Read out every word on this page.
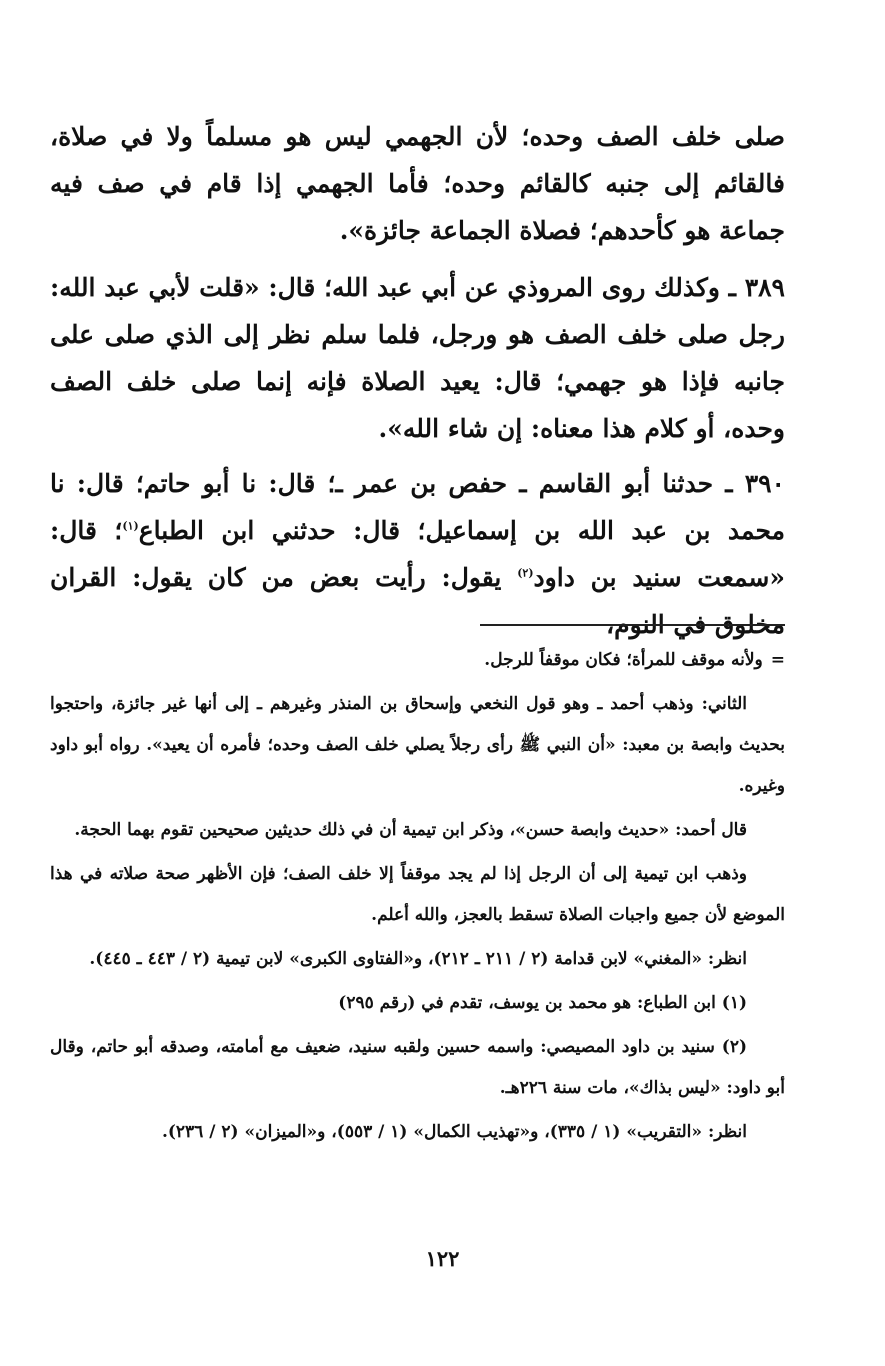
صلى خلف الصف وحده؛ لأن الجهمي ليس هو مسلماً ولا في صلاة، فالقائم إلى جنبه كالقائم وحده؛ فأما الجهمي إذا قام في صف فيه جماعة هو كأحدهم؛ فصلاة الجماعة جائزة».

٣٨٩ ـ وكذلك روى المروذي عن أبي عبد الله؛ قال: «قلت لأبي عبد الله: رجل صلى خلف الصف هو ورجل، فلما سلم نظر إلى الذي صلى على جانبه فإذا هو جهمي؛ قال: يعيد الصلاة فإنه إنما صلى خلف الصف وحده، أو كلام هذا معناه: إن شاء الله».

٣٩٠ ـ حدثنا أبو القاسم ـ حفص بن عمر ـ؛ قال: نا أبو حاتم؛ قال: نا محمد بن عبد الله بن إسماعيل؛ قال: حدثني ابن الطباع$^{(١)}$؛ قال: «سمعت سنيد بن داود$^{(٢)}$ يقول: رأيت بعض من كان يقول: القران مخلوق في النوم،

=ولأنه موقف للمرأة؛ فكان موقفاً للرجل.

الثاني: وذهب أحمد ـ وهو قول النخعي وإسحاق بن المنذر وغيرهم ـ إلى أنها غير جائزة، واحتجوا بحديث وابصة بن معبد: «أن النبي ﷺ رأى رجلاً يصلي خلف الصف وحده؛ فأمره أن يعيد». رواه أبو داود وغيره.

قال أحمد: «حديث وابصة حسن»، وذكر ابن تيمية أن في ذلك حديثين صحيحين تقوم بهما الحجة.

وذهب ابن تيمية إلى أن الرجل إذا لم يجد موقفاً إلا خلف الصف؛ فإن الأظهر صحة صلاته في هذا الموضع لأن جميع واجبات الصلاة تسقط بالعجز، والله أعلم.

انظر: «المغني» لابن قدامة (٢ / ٢١١ ـ ٢١٢)، و«الفتاوى الكبرى» لابن تيمية (٢ / ٤٤٣ ـ ٤٤٥).

(١) ابن الطباع: هو محمد بن يوسف، تقدم في (رقم ٢٩٥)

(٢) سنيد بن داود المصيصي: واسمه حسين ولقبه سنيد، ضعيف مع أمامته، وصدقه أبو حاتم، وقال أبو داود: «ليس بذاك»، مات سنة ٢٢٦هـ.

انظر: «التقريب» (١ / ٣٣٥)، و«تهذيب الكمال» (١ / ٥٥٣)، و«الميزان» (٢ / ٢٣٦).

١٢٢
